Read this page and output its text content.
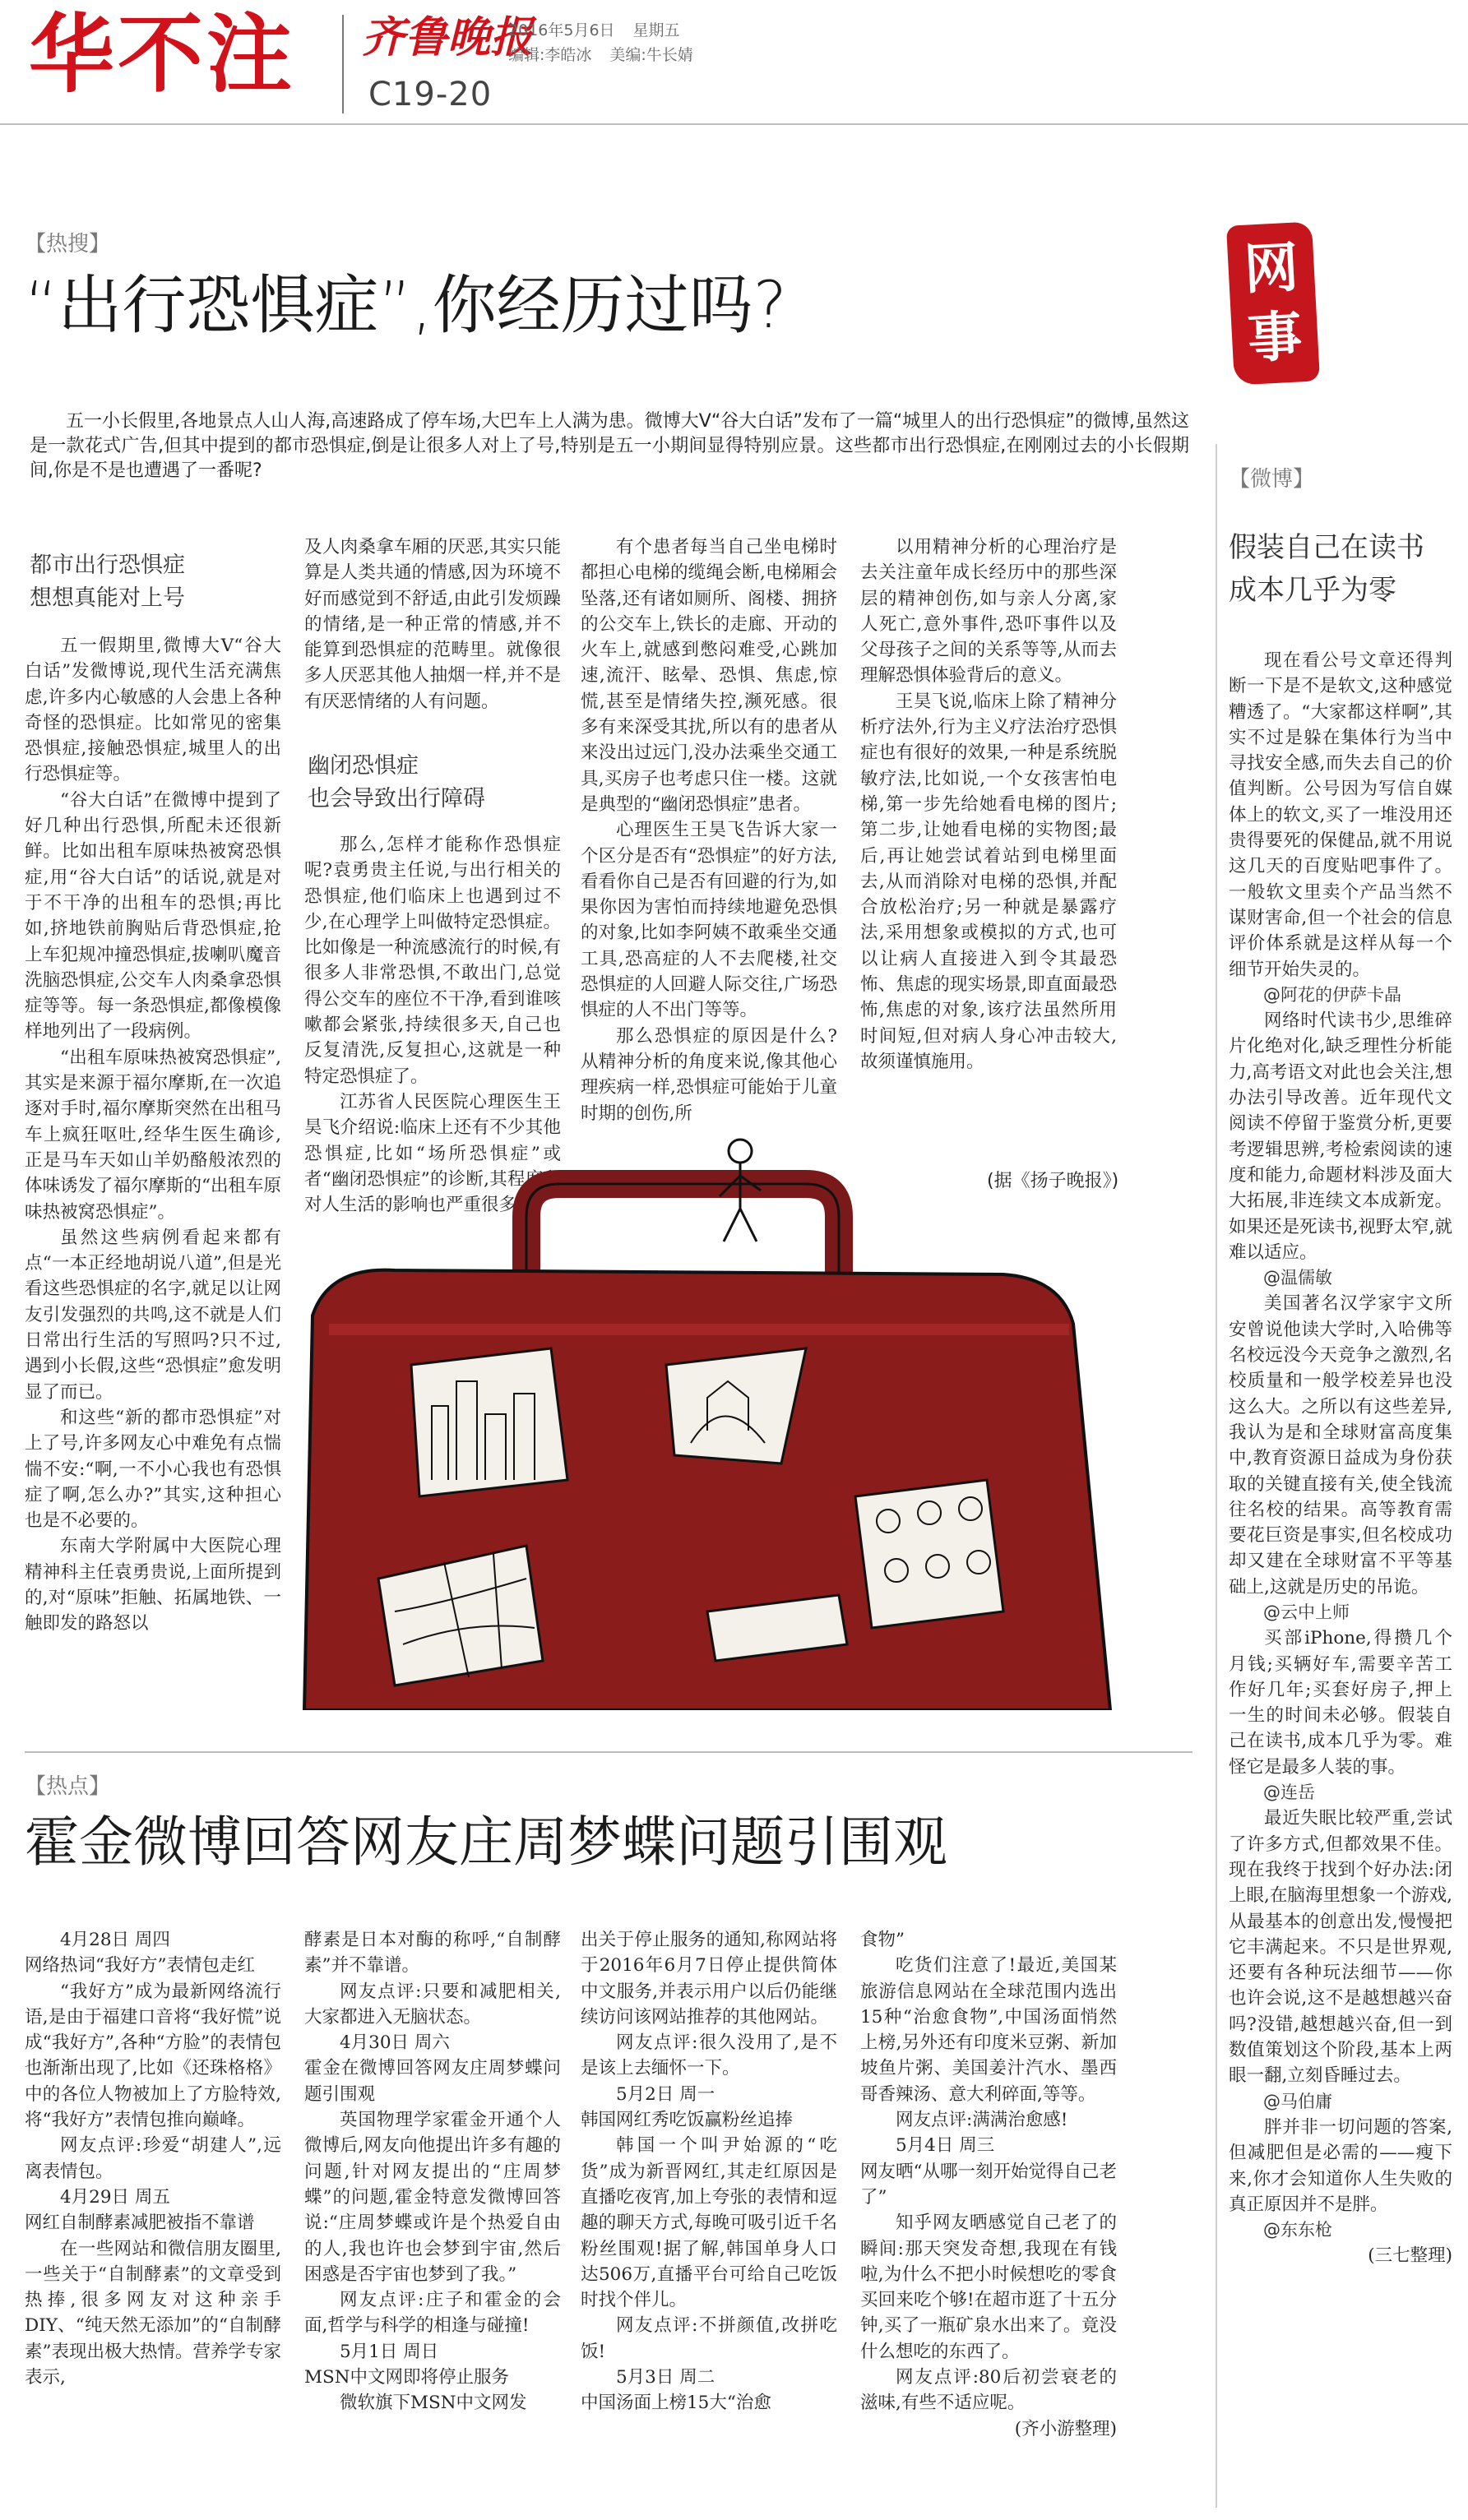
华不注 齐鲁晚报
2016年5月6日 星期五
编辑:李皓冰 美编:牛长婧
C19-20
网
事
【热搜】
“出行恐惧症”,你经历过吗?
五一小长假里,各地景点人山人海,高速路成了停车场,大巴车上人满为患。微博大V“谷大白话”发布了一篇“城里人的出行恐惧症”的微博,虽然这是一款花式广告,但其中提到的都市恐惧症,倒是让很多人对上了号,特别是五一小期间显得特别应景。这些都市出行恐惧症,在刚刚过去的小长假期间,你是不是也遭遇了一番呢?
都市出行恐惧症
想想真能对上号

五一假期里,微博大V“谷大白话”发微博说,现代生活充满焦虑,许多内心敏感的人会患上各种奇怪的恐惧症。比如常见的密集恐惧症,接触恐惧症,城里人的出行恐惧症等。

“谷大白话”在微博中提到了好几种出行恐惧,所配未还很新鲜。比如出租车原味热被窝恐惧症,用“谷大白话”的话说,就是对于不干净的出租车的恐惧;再比如,挤地铁前胸贴后背恐惧症,抢上车犯规冲撞恐惧症,拔喇叭魔音洗脑恐惧症,公交车人肉桑拿恐惧症等等。每一条恐惧症,都像模像样地列出了一段病例。

“出租车原味热被窝恐惧症”,其实是来源于福尔摩斯,在一次追逐对手时,福尔摩斯突然在出租马车上疯狂呕吐,经华生医生确诊,正是马车天如山羊奶酪般浓烈的体味诱发了福尔摩斯的“出租车原味热被窝恐惧症”。

虽然这些病例看起来都有点“一本正经地胡说八道”,但是光看这些恐惧症的名字,就足以让网友引发强烈的共鸣,这不就是人们日常出行生活的写照吗?只不过,遇到小长假,这些“恐惧症”愈发明显了而已。

和这些“新的都市恐惧症”对上了号,许多网友心中难免有点惴惴不安:“啊,一不小心我也有恐惧症了啊,怎么办?”其实,这种担心也是不必要的。

东南大学附属中大医院心理精神科主任袁勇贵说,上面所提到的,对“原味”拒触、拓属地铁、一触即发的路怒以

及人肉桑拿车厢的厌恶,其实只能算是人类共通的情感,因为环境不好而感觉到不舒适,由此引发烦躁的情绪,是一种正常的情感,并不能算到恐惧症的范畴里。就像很多人厌恶其他人抽烟一样,并不是有厌恶情绪的人有问题。

幽闭恐惧症
也会导致出行障碍

那么,怎样才能称作恐惧症呢?袁勇贵主任说,与出行相关的恐惧症,他们临床上也遇到过不少,在心理学上叫做特定恐惧症。比如像是一种流感流行的时候,有很多人非常恐惧,不敢出门,总觉得公交车的座位不干净,看到谁咳嗽都会紧张,持续很多天,自己也反复清洗,反复担心,这就是一种特定恐惧症了。

江苏省人民医院心理医生王昊飞介绍说:临床上还有不少其他恐惧症,比如“场所恐惧症”或者“幽闭恐惧症”的诊断,其程度和对人生活的影响也严重很多。

有个患者每当自己坐电梯时都担心电梯的缆绳会断,电梯厢会坠落,还有诸如厕所、阁楼、拥挤的公交车上,铁长的走廊、开动的火车上,就感到憋闷难受,心跳加速,流汗、眩晕、恐惧、焦虑,惊慌,甚至是情绪失控,濒死感。很多有来深受其扰,所以有的患者从来没出过远门,没办法乘坐交通工具,买房子也考虑只住一楼。这就是典型的“幽闭恐惧症”患者。

心理医生王昊飞告诉大家一个区分是否有“恐惧症”的好方法,看看你自己是否有回避的行为,如果你因为害怕而持续地避免恐惧的对象,比如李阿姨不敢乘坐交通工具,恐高症的人不去爬楼,社交恐惧症的人回避人际交往,广场恐惧症的人不出门等等。

那么恐惧症的原因是什么?从精神分析的角度来说,像其他心理疾病一样,恐惧症可能始于儿童时期的创伤,所

以用精神分析的心理治疗是去关注童年成长经历中的那些深层的精神创伤,如与亲人分离,家人死亡,意外事件,恐吓事件以及父母孩子之间的关系等等,从而去理解恐惧体验背后的意义。

王昊飞说,临床上除了精神分析疗法外,行为主义疗法治疗恐惧症也有很好的效果,一种是系统脱敏疗法,比如说,一个女孩害怕电梯,第一步先给她看电梯的图片;第二步,让她看电梯的实物图;最后,再让她尝试着站到电梯里面去,从而消除对电梯的恐惧,并配合放松治疗;另一种就是暴露疗法,采用想象或模拟的方式,也可以让病人直接进入到令其最恐怖、焦虑的现实场景,即直面最恐怖,焦虑的对象,该疗法虽然所用时间短,但对病人身心冲击较大,故须谨慎施用。

(据《扬子晚报》)
【热点】
霍金微博回答网友庄周梦蝶问题引围观

4月28日 周四

网络热词“我好方”表情包走红

“我好方”成为最新网络流行语,是由于福建口音将“我好慌”说成“我好方”,各种“方脸”的表情包也渐渐出现了,比如《还珠格格》中的各位人物被加上了方脸特效,将“我好方”表情包推向巅峰。

网友点评:珍爱“胡建人”,远离表情包。

4月29日 周五

网红自制酵素减肥被指不靠谱

在一些网站和微信朋友圈里,一些关于“自制酵素”的文章受到热捧,很多网友对这种亲手DIY、“纯天然无添加”的“自制酵素”表现出极大热情。营养学专家表示,

酵素是日本对酶的称呼,“自制酵素”并不靠谱。

网友点评:只要和减肥相关,大家都进入无脑状态。

4月30日 周六

霍金在微博回答网友庄周梦蝶问题引围观

英国物理学家霍金开通个人微博后,网友向他提出许多有趣的问题,针对网友提出的“庄周梦蝶”的问题,霍金特意发微博回答说:“庄周梦蝶或许是个热爱自由的人,我也许也会梦到宇宙,然后困惑是否宇宙也梦到了我。”

网友点评:庄子和霍金的会面,哲学与科学的相逢与碰撞!

5月1日 周日

MSN中文网即将停止服务

微软旗下MSN中文网发

出关于停止服务的通知,称网站将于2016年6月7日停止提供简体中文服务,并表示用户以后仍能继续访问该网站推荐的其他网站。

网友点评:很久没用了,是不是该上去缅怀一下。

5月2日 周一

韩国网红秀吃饭赢粉丝追捧

韩国一个叫尹始源的“吃货”成为新晋网红,其走红原因是直播吃夜宵,加上夸张的表情和逗趣的聊天方式,每晚可吸引近千名粉丝围观!据了解,韩国单身人口达506万,直播平台可给自己吃饭时找个伴儿。

网友点评:不拼颜值,改拼吃饭!

5月3日 周二

中国汤面上榜15大“治愈

食物”

吃货们注意了!最近,美国某旅游信息网站在全球范围内选出15种“治愈食物”,中国汤面悄然上榜,另外还有印度米豆粥、新加坡鱼片粥、美国姜汁汽水、墨西哥香辣汤、意大利碎面,等等。

网友点评:满满治愈感!

5月4日 周三

网友晒“从哪一刻开始觉得自己老了”

知乎网友晒感觉自己老了的瞬间:那天突发奇想,我现在有钱啦,为什么不把小时候想吃的零食买回来吃个够!在超市逛了十五分钟,买了一瓶矿泉水出来了。竟没什么想吃的东西了。

网友点评:80后初尝衰老的滋味,有些不适应呢。

(齐小游整理)

【微博】
假装自己在读书
成本几乎为零

现在看公号文章还得判断一下是不是软文,这种感觉糟透了。“大家都这样啊”,其实不过是躲在集体行为当中寻找安全感,而失去自己的价值判断。公号因为写信自媒体上的软文,买了一堆没用还贵得要死的保健品,就不用说这几天的百度贴吧事件了。一般软文里卖个产品当然不谋财害命,但一个社会的信息评价体系就是这样从每一个细节开始失灵的。

@阿花的伊萨卡晶

网络时代读书少,思维碎片化绝对化,缺乏理性分析能力,高考语文对此也会关注,想办法引导改善。近年现代文阅读不停留于鉴赏分析,更要考逻辑思辨,考检索阅读的速度和能力,命题材料涉及面大大拓展,非连续文本成新宠。如果还是死读书,视野太窄,就难以适应。

@温儒敏

美国著名汉学家宇文所安曾说他读大学时,入哈佛等名校远没今天竞争之激烈,名校质量和一般学校差异也没这么大。之所以有这些差异,我认为是和全球财富高度集中,教育资源日益成为身份获取的关键直接有关,使全钱流往名校的结果。高等教育需要花巨资是事实,但名校成功却又建在全球财富不平等基础上,这就是历史的吊诡。

@云中上师

买部iPhone,得攒几个月钱;买辆好车,需要辛苦工作好几年;买套好房子,押上一生的时间未必够。假装自己在读书,成本几乎为零。难怪它是最多人装的事。

@连岳

最近失眠比较严重,尝试了许多方式,但都效果不佳。现在我终于找到个好办法:闭上眼,在脑海里想象一个游戏,从最基本的创意出发,慢慢把它丰满起来。不只是世界观,还要有各种玩法细节——你也许会说,这不是越想越兴奋吗?没错,越想越兴奋,但一到数值策划这个阶段,基本上两眼一翻,立刻昏睡过去。

@马伯庸

胖并非一切问题的答案,但减肥但是必需的——瘦下来,你才会知道你人生失败的真正原因并不是胖。

@东东枪

(三七整理)
